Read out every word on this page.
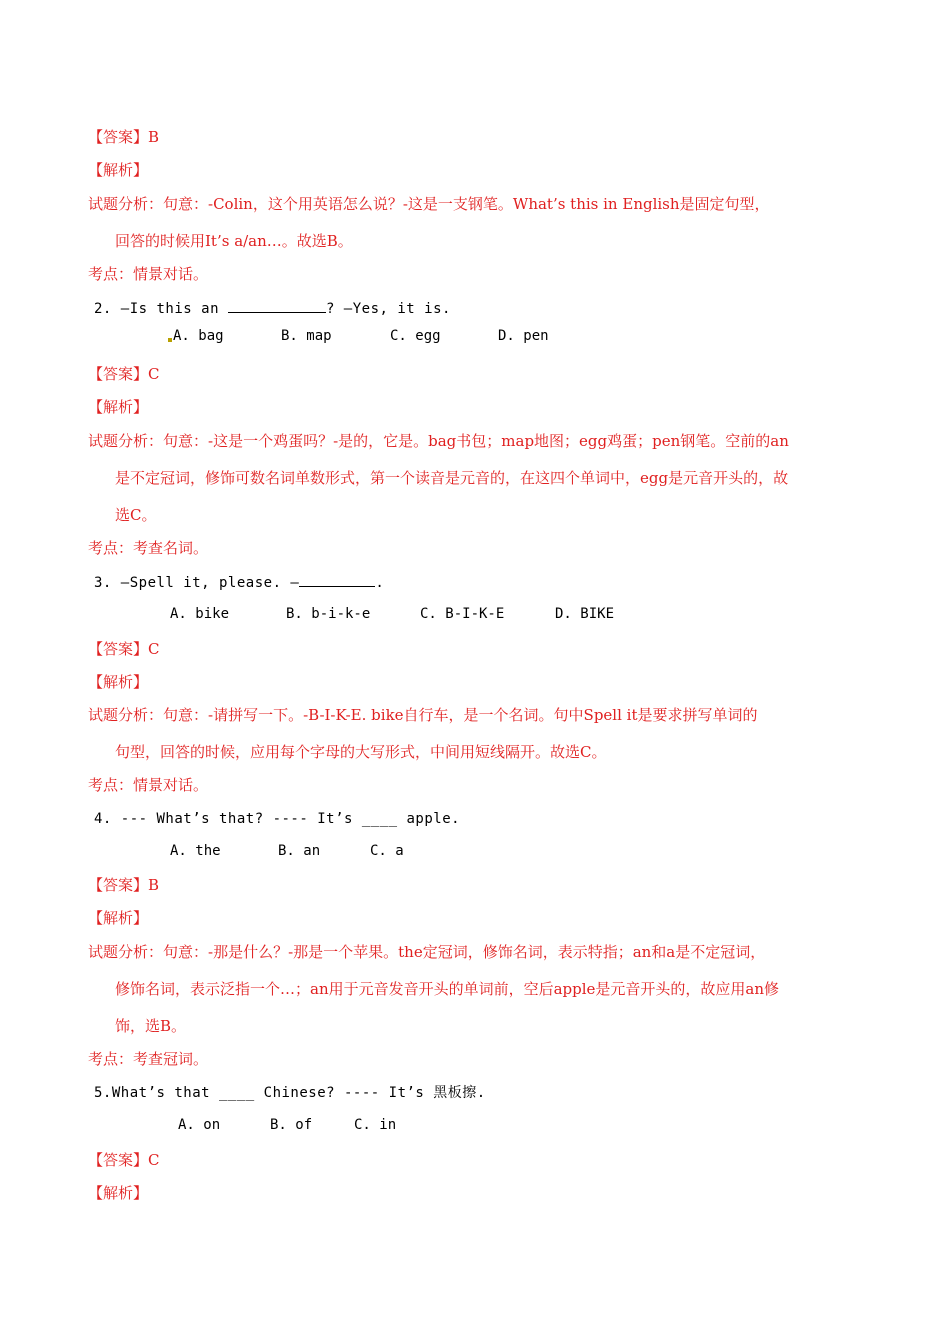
【答案】B
【解析】
试题分析：句意：-Colin，这个用英语怎么说？-这是一支钢笔。What’s this in English是固定句型，
回答的时候用It’s a/an…。故选B。
考点：情景对话。
2. —Is this an	? —Yes, it is.
A. bag	B. map	C. egg	D. pen
【答案】C
【解析】
试题分析：句意：-这是一个鸡蛋吗？-是的，它是。bag书包；map地图；egg鸡蛋；pen钢笔。空前的an
是不定冠词，修饰可数名词单数形式，第一个读音是元音的，在这四个单词中，egg是元音开头的，故
选C。
考点：考查名词。
3. —Spell it, please. —	.
A. bike	B. b-i-k-e	C. B-I-K-E	D. BIKE
【答案】C
【解析】
试题分析：句意：-请拼写一下。-B-I-K-E. bike自行车，是一个名词。句中Spell it是要求拼写单词的
句型，回答的时候，应用每个字母的大写形式，中间用短线隔开。故选C。
考点：情景对话。
4. --- What’s that? ---- It’s ____ apple.
A. the	B. an	C. a
【答案】B
【解析】
试题分析：句意：-那是什么？-那是一个苹果。the定冠词，修饰名词，表示特指；an和a是不定冠词，
修饰名词，表示泛指一个…；an用于元音发音开头的单词前，空后apple是元音开头的，故应用an修
饰，选B。
考点：考查冠词。
5.What’s that ____ Chinese? ---- It’s 黑板擦.
A. on	B. of	C. in
【答案】C
【解析】
